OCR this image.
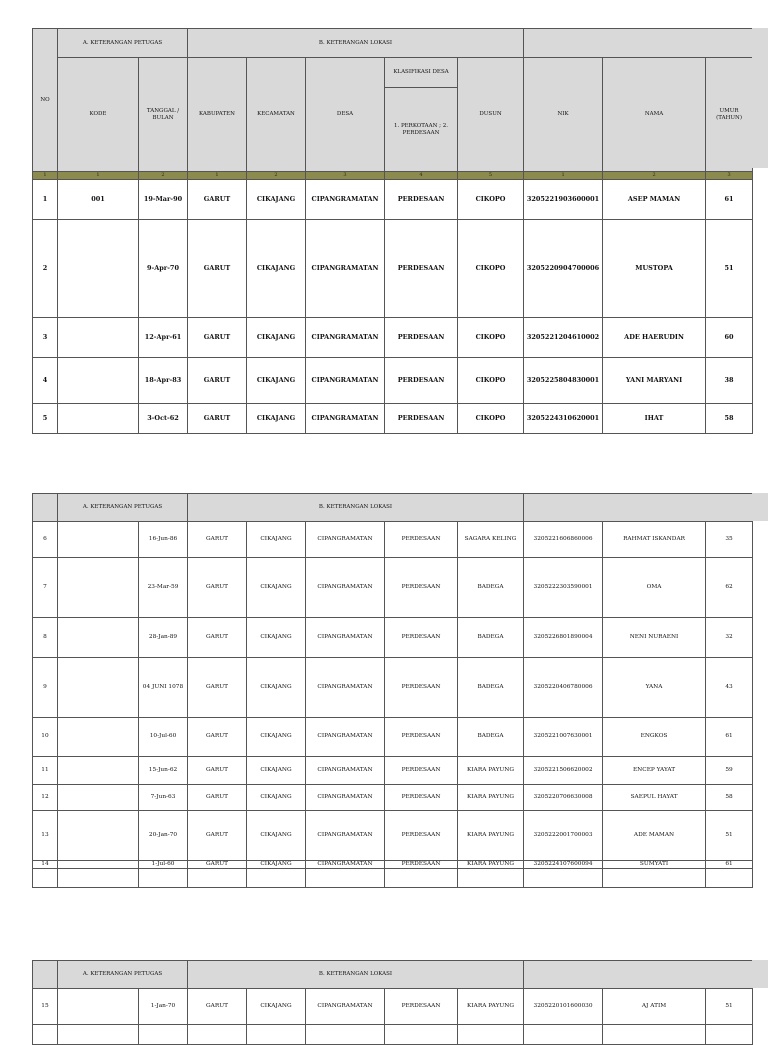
NO	A. KETERANGAN PETUGAS		B. KETERANGAN LOKASI							
	KODE	TANGGAL / BULAN	KABUPATEN	KECAMATAN	DESA	KLASIFIKASI DESA	DUSUN	NIK	NAMA	UMUR (TAHUN)
						1. PERKOTAAN ; 2. PERDESAAN				
1	1	2	1	2	3	4	5	1	2	3
1	001	19-Mar-90	GARUT	CIKAJANG	CIPANGRAMATAN	PERDESAAN	CIKOPO	3205221903600001	ASEP MAMAN	61
2		9-Apr-70	GARUT	CIKAJANG	CIPANGRAMATAN	PERDESAAN	CIKOPO	3205220904700006	MUSTOPA	51
3		12-Apr-61	GARUT	CIKAJANG	CIPANGRAMATAN	PERDESAAN	CIKOPO	3205221204610002	ADE HAERUDIN	60
4		18-Apr-83	GARUT	CIKAJANG	CIPANGRAMATAN	PERDESAAN	CIKOPO	3205225804830001	YANI MARYANI	38
5		3-Oct-62	GARUT	CIKAJANG	CIPANGRAMATAN	PERDESAAN	CIKOPO	3205224310620001	IHAT	58
	A. KETERANGAN PETUGAS		B. KETERANGAN LOKASI							
6		16-Jun-86	GARUT	CIKAJANG	CIPANGRAMATAN	PERDESAAN	SAGARA KELING	3205221606860006	RAHMAT ISKANDAR	35
7		23-Mar-59	GARUT	CIKAJANG	CIPANGRAMATAN	PERDESAAN	BADEGA	3205222303590001	OMA	62
8		28-Jan-89	GARUT	CIKAJANG	CIPANGRAMATAN	PERDESAAN	BADEGA	3205226801890004	NENI NURAENI	32
9		04 JUNI 1078	GARUT	CIKAJANG	CIPANGRAMATAN	PERDESAAN	BADEGA	3205220406780006	YANA	43
10		10-Jul-60	GARUT	CIKAJANG	CIPANGRAMATAN	PERDESAAN	BADEGA	3205221007630001	ENGKOS	61
11		15-Jun-62	GARUT	CIKAJANG	CIPANGRAMATAN	PERDESAAN	KIARA PAYUNG	3205221506620002	ENCEP YAYAT	59
12		7-Jun-63	GARUT	CIKAJANG	CIPANGRAMATAN	PERDESAAN	KIARA PAYUNG	3205220706630008	SAEPUL HAYAT	58
13		20-Jan-70	GARUT	CIKAJANG	CIPANGRAMATAN	PERDESAAN	KIARA PAYUNG	3205222001700003	ADE MAMAN	51
14		1-Jul-60	GARUT	CIKAJANG	CIPANGRAMATAN	PERDESAAN	KIARA PAYUNG	3205224107600094	SUMYATI	61

	A. KETERANGAN PETUGAS		B. KETERANGAN LOKASI							
15		1-Jan-70	GARUT	CIKAJANG	CIPANGRAMATAN	PERDESAAN	KIARA PAYUNG	3205220101600030	AJ ATIM	51
